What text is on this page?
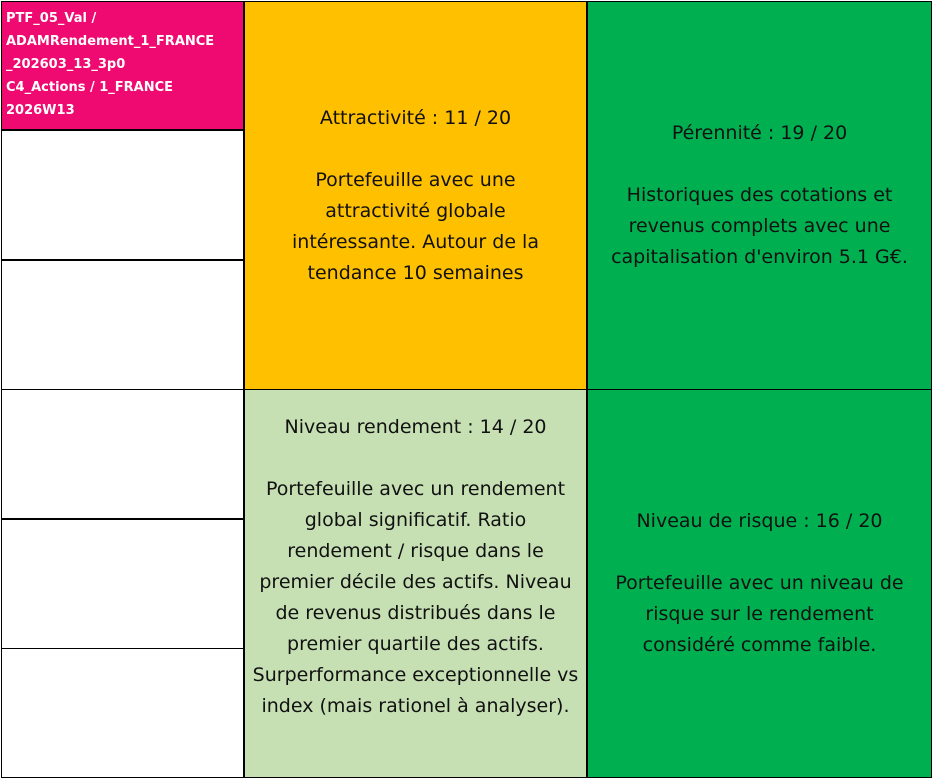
PTF_05_Val /
ADAMRendement_1_FRANCE
_202603_13_3p0
C4_Actions / 1_FRANCE
2026W13	Attractivité : 11 / 20
Portefeuille avec une attractivité globale intéressante. Autour de la tendance 10 semaines
Pérennité : 19 / 20
Historiques des cotations et revenus complets avec une capitalisation d'environ 5.1 G€.
Niveau rendement : 14 / 20
Portefeuille avec un rendement global significatif. Ratio rendement / risque dans le premier décile des actifs. Niveau de revenus distribués dans le premier quartile des actifs. Surperformance exceptionnelle vs index (mais rationel à analyser).
Niveau de risque : 16 / 20
Portefeuille avec un niveau de risque sur le rendement considéré comme faible.
